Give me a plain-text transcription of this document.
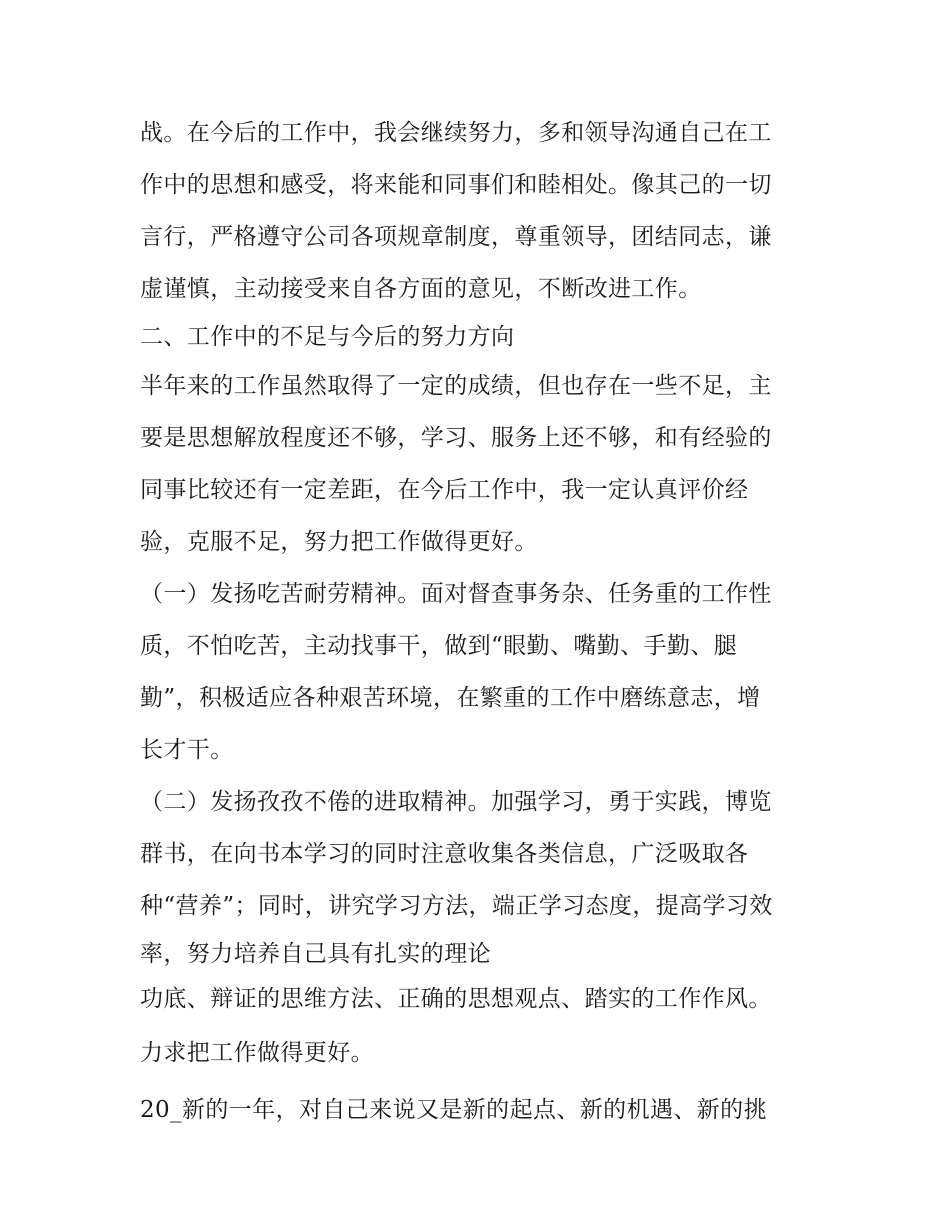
战。在今后的工作中，我会继续努力，多和领导沟通自己在工
作中的思想和感受，将来能和同事们和睦相处。像其己的一切
言行，严格遵守公司各项规章制度，尊重领导，团结同志，谦
虚谨慎，主动接受来自各方面的意见，不断改进工作。
二、工作中的不足与今后的努力方向
半年来的工作虽然取得了一定的成绩，但也存在一些不足，主
要是思想解放程度还不够，学习、服务上还不够，和有经验的
同事比较还有一定差距，在今后工作中，我一定认真评价经
验，克服不足，努力把工作做得更好。
（一）发扬吃苦耐劳精神。面对督查事务杂、任务重的工作性
质，不怕吃苦，主动找事干，做到“眼勤、嘴勤、手勤、腿
勤”，积极适应各种艰苦环境，在繁重的工作中磨练意志，增
长才干。
（二）发扬孜孜不倦的进取精神。加强学习，勇于实践，博览
群书，在向书本学习的同时注意收集各类信息，广泛吸取各
种“营养”；同时，讲究学习方法，端正学习态度，提高学习效
率，努力培养自己具有扎实的理论
功底、辩证的思维方法、正确的思想观点、踏实的工作作风。
力求把工作做得更好。
20_新的一年，对自己来说又是新的起点、新的机遇、新的挑
